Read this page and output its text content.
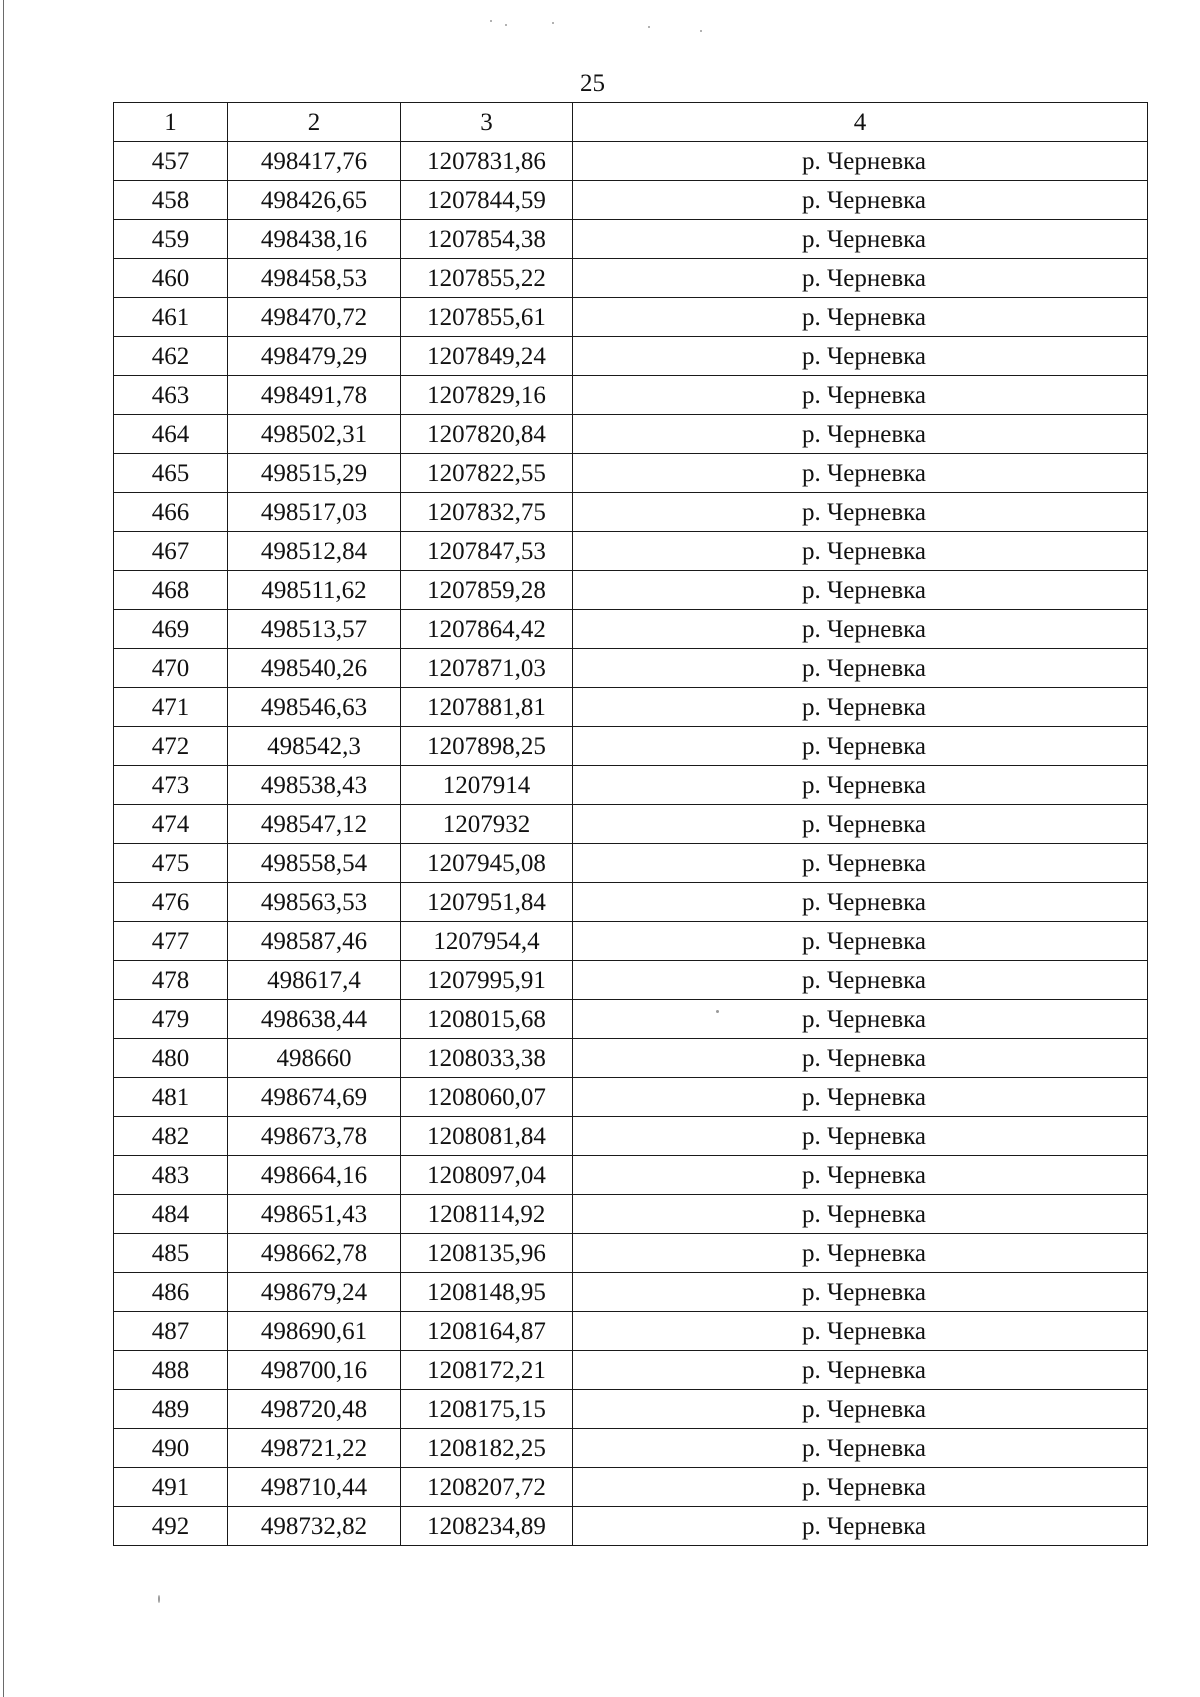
25
1	2	3	4
457	498417,76	1207831,86	р. Черневка
458	498426,65	1207844,59	р. Черневка
459	498438,16	1207854,38	р. Черневка
460	498458,53	1207855,22	р. Черневка
461	498470,72	1207855,61	р. Черневка
462	498479,29	1207849,24	р. Черневка
463	498491,78	1207829,16	р. Черневка
464	498502,31	1207820,84	р. Черневка
465	498515,29	1207822,55	р. Черневка
466	498517,03	1207832,75	р. Черневка
467	498512,84	1207847,53	р. Черневка
468	498511,62	1207859,28	р. Черневка
469	498513,57	1207864,42	р. Черневка
470	498540,26	1207871,03	р. Черневка
471	498546,63	1207881,81	р. Черневка
472	498542,3	1207898,25	р. Черневка
473	498538,43	1207914	р. Черневка
474	498547,12	1207932	р. Черневка
475	498558,54	1207945,08	р. Черневка
476	498563,53	1207951,84	р. Черневка
477	498587,46	1207954,4	р. Черневка
478	498617,4	1207995,91	р. Черневка
479	498638,44	1208015,68	р. Черневка
480	498660	1208033,38	р. Черневка
481	498674,69	1208060,07	р. Черневка
482	498673,78	1208081,84	р. Черневка
483	498664,16	1208097,04	р. Черневка
484	498651,43	1208114,92	р. Черневка
485	498662,78	1208135,96	р. Черневка
486	498679,24	1208148,95	р. Черневка
487	498690,61	1208164,87	р. Черневка
488	498700,16	1208172,21	р. Черневка
489	498720,48	1208175,15	р. Черневка
490	498721,22	1208182,25	р. Черневка
491	498710,44	1208207,72	р. Черневка
492	498732,82	1208234,89	р. Черневка
